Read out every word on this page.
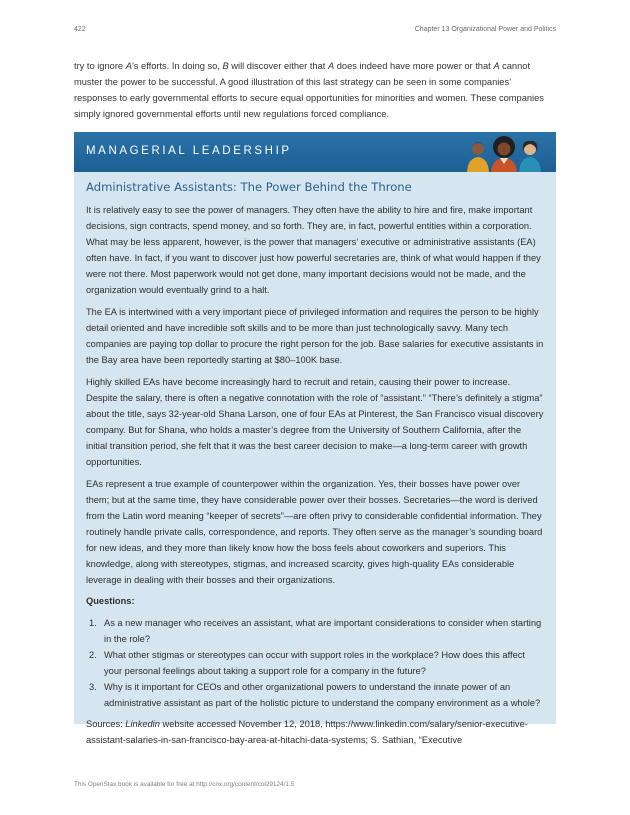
422	Chapter 13 Organizational Power and Politics

try to ignore A’s efforts. In doing so, B will discover either that A does indeed have more power or that A cannot muster the power to be successful. A good illustration of this last strategy can be seen in some companies’ responses to early governmental efforts to secure equal opportunities for minorities and women. These companies simply ignored governmental efforts until new regulations forced compliance.

MANAGERIAL LEADERSHIP
Administrative Assistants: The Power Behind the Throne

It is relatively easy to see the power of managers. They often have the ability to hire and fire, make important decisions, sign contracts, spend money, and so forth. They are, in fact, powerful entities within a corporation. What may be less apparent, however, is the power that managers’ executive or administrative assistants (EA) often have. In fact, if you want to discover just how powerful secretaries are, think of what would happen if they were not there. Most paperwork would not get done, many important decisions would not be made, and the organization would eventually grind to a halt.

The EA is intertwined with a very important piece of privileged information and requires the person to be highly detail oriented and have incredible soft skills and to be more than just technologically savvy. Many tech companies are paying top dollar to procure the right person for the job. Base salaries for executive assistants in the Bay area have been reportedly starting at $80–100K base.

Highly skilled EAs have become increasingly hard to recruit and retain, causing their power to increase. Despite the salary, there is often a negative connotation with the role of “assistant.” “There’s definitely a stigma” about the title, says 32-year-old Shana Larson, one of four EAs at Pinterest, the San Francisco visual discovery company. But for Shana, who holds a master’s degree from the University of Southern California, after the initial transition period, she felt that it was the best career decision to make—a long-term career with growth opportunities.

EAs represent a true example of counterpower within the organization. Yes, their bosses have power over them; but at the same time, they have considerable power over their bosses. Secretaries—the word is derived from the Latin word meaning “keeper of secrets”—are often privy to considerable confidential information. They routinely handle private calls, correspondence, and reports. They often serve as the manager’s sounding board for new ideas, and they more than likely know how the boss feels about coworkers and superiors. This knowledge, along with stereotypes, stigmas, and increased scarcity, gives high-quality EAs considerable leverage in dealing with their bosses and their organizations.

Questions:

1. As a new manager who receives an assistant, what are important considerations to consider when starting in the role?
2. What other stigmas or stereotypes can occur with support roles in the workplace? How does this affect your personal feelings about taking a support role for a company in the future?
3. Why is it important for CEOs and other organizational powers to understand the innate power of an administrative assistant as part of the holistic picture to understand the company environment as a whole?

Sources: Linkedin website accessed November 12, 2018, https://www.linkedin.com/salary/senior-executive-assistant-salaries-in-san-francisco-bay-area-at-hitachi-data-systems; S. Sathian, “Executive

This OpenStax book is available for free at http://cnx.org/content/col29124/1.5
